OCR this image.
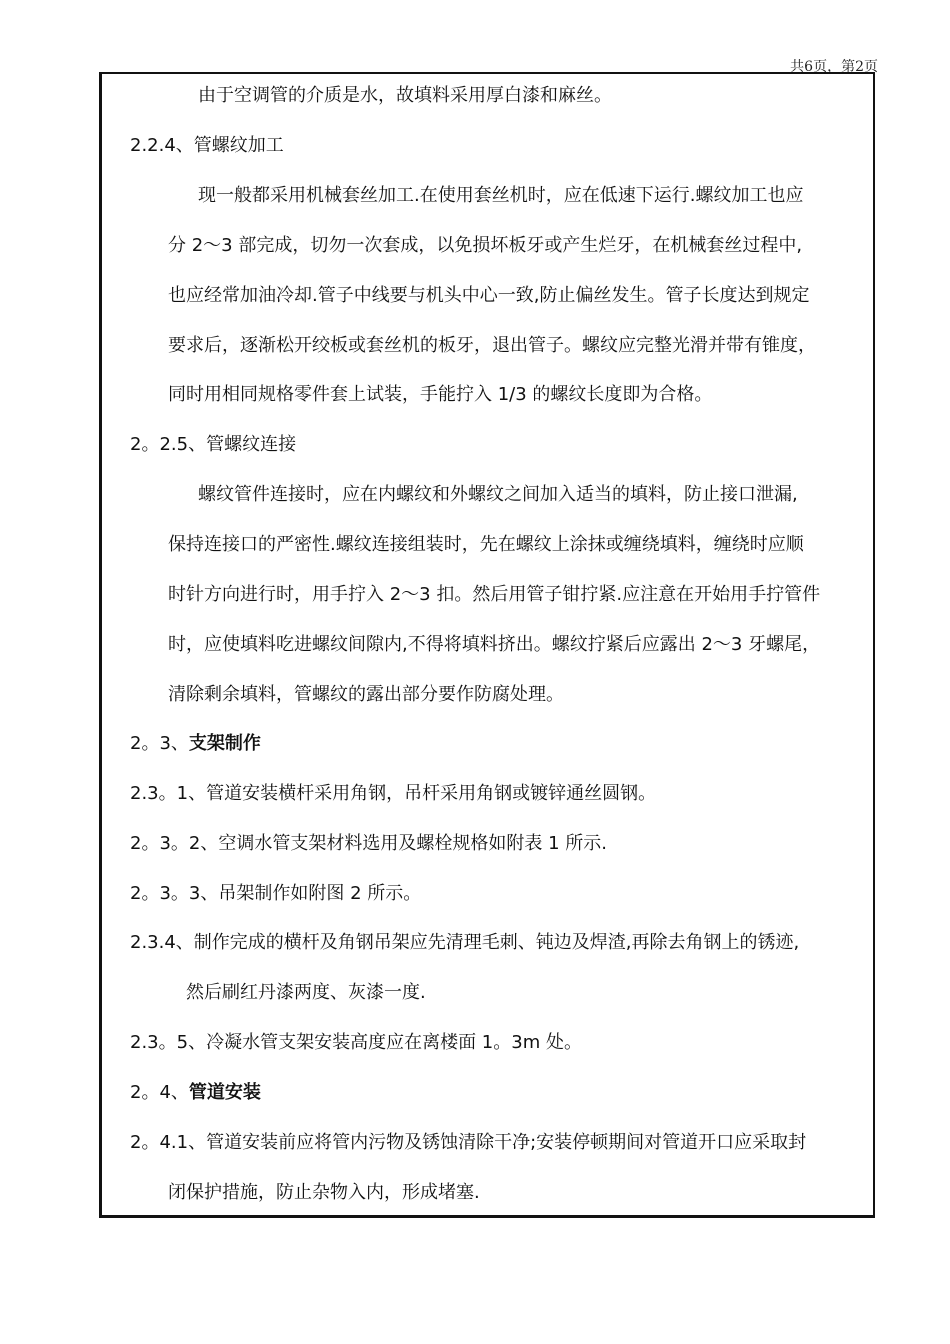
共6页，第2页
由于空调管的介质是水，故填料采用厚白漆和麻丝。
2.2.4、管螺纹加工
现一般都采用机械套丝加工.在使用套丝机时，应在低速下运行.螺纹加工也应
分 2～3 部完成，切勿一次套成，以免损坏板牙或产生烂牙，在机械套丝过程中,
也应经常加油冷却.管子中线要与机头中心一致,防止偏丝发生。管子长度达到规定
要求后，逐渐松开绞板或套丝机的板牙，退出管子。螺纹应完整光滑并带有锥度，
同时用相同规格零件套上试装，手能拧入 1/3 的螺纹长度即为合格。
2。2.5、管螺纹连接
螺纹管件连接时，应在内螺纹和外螺纹之间加入适当的填料，防止接口泄漏,
保持连接口的严密性.螺纹连接组装时，先在螺纹上涂抹或缠绕填料，缠绕时应顺
时针方向进行时，用手拧入 2～3 扣。然后用管子钳拧紧.应注意在开始用手拧管件
时，应使填料吃进螺纹间隙内,不得将填料挤出。螺纹拧紧后应露出 2～3 牙螺尾，
清除剩余填料，管螺纹的露出部分要作防腐处理。
2。3、支架制作
2.3。1、管道安装横杆采用角钢，吊杆采用角钢或镀锌通丝圆钢。
2。3。2、空调水管支架材料选用及螺栓规格如附表 1 所示.
2。3。3、吊架制作如附图 2 所示。
2.3.4、制作完成的横杆及角钢吊架应先清理毛刺、钝边及焊渣,再除去角钢上的锈迹,
然后刷红丹漆两度、灰漆一度.
2.3。5、冷凝水管支架安装高度应在离楼面 1。3m 处。
2。4、管道安装
2。4.1、管道安装前应将管内污物及锈蚀清除干净;安装停顿期间对管道开口应采取封
闭保护措施，防止杂物入内，形成堵塞.
